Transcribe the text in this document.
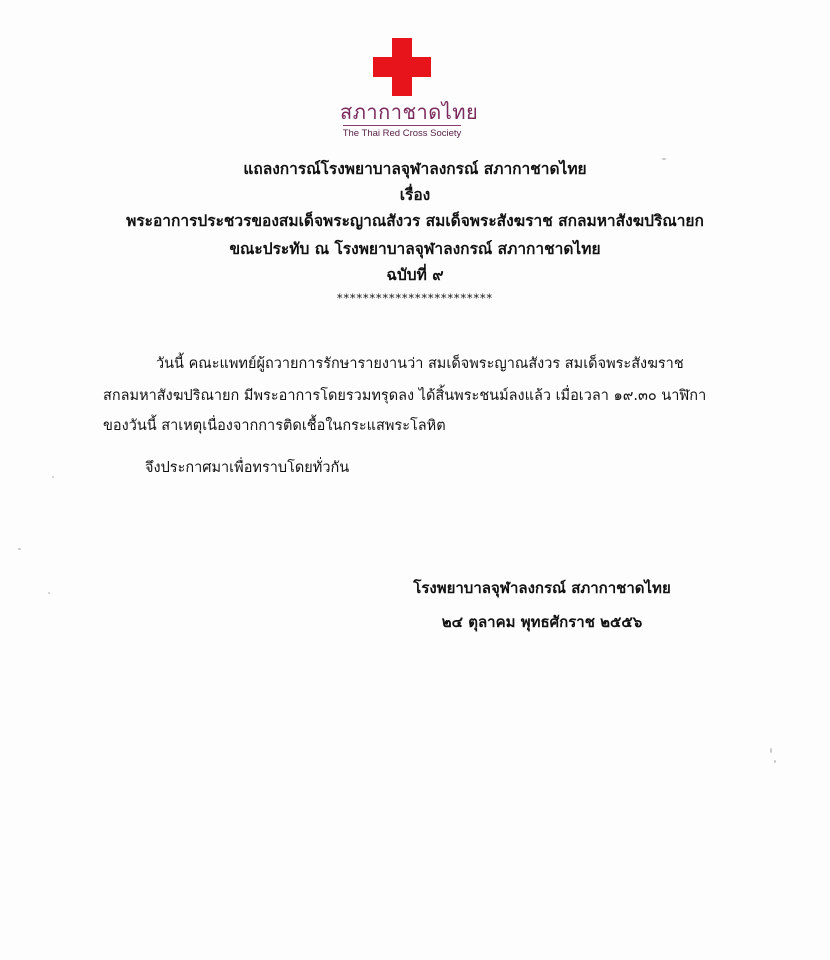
สภากาชาดไทย
The Thai Red Cross Society
แถลงการณ์โรงพยาบาลจุฬาลงกรณ์ สภากาชาดไทย
เรื่อง
พระอาการประชวรของสมเด็จพระญาณสังวร สมเด็จพระสังฆราช สกลมหาสังฆปริณายก
ขณะประทับ ณ โรงพยาบาลจุฬาลงกรณ์ สภากาชาดไทย
ฉบับที่ ๙
************************
วันนี้ คณะแพทย์ผู้ถวายการรักษารายงานว่า สมเด็จพระญาณสังวร สมเด็จพระสังฆราช
สกลมหาสังฆปริณายก มีพระอาการโดยรวมทรุดลง ได้สิ้นพระชนม์ลงแล้ว เมื่อเวลา ๑๙.๓๐ นาฬิกา
ของวันนี้ สาเหตุเนื่องจากการติดเชื้อในกระแสพระโลหิต
จึงประกาศมาเพื่อทราบโดยทั่วกัน
โรงพยาบาลจุฬาลงกรณ์ สภากาชาดไทย
๒๔ ตุลาคม พุทธศักราช ๒๕๕๖
